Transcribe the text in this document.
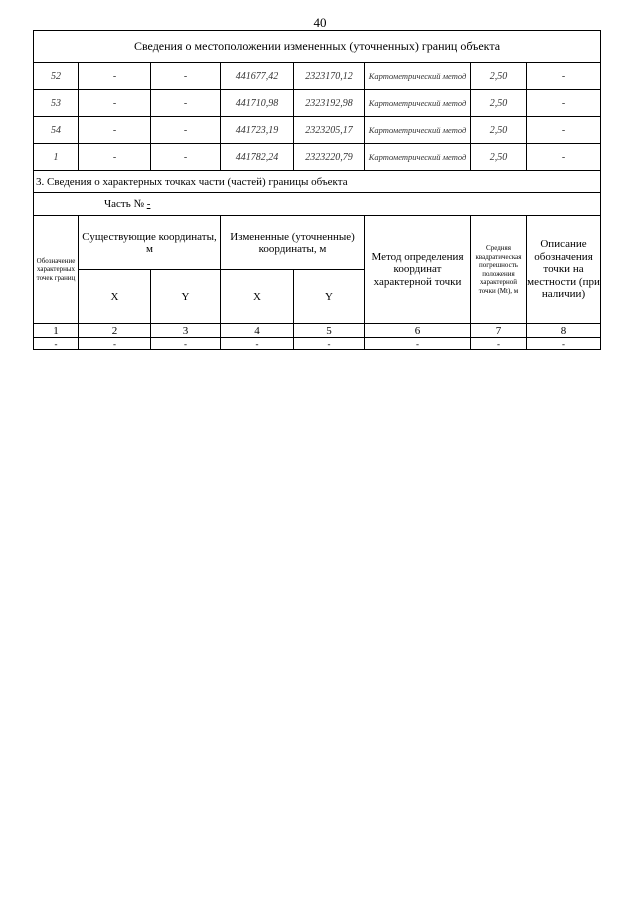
40
Сведения о местоположении измененных (уточненных) границ объекта							
52	-	-	441677,42	2323170,12	Картометрический метод	2,50	-
53	-	-	441710,98	2323192,98	Картометрический метод	2,50	-
54	-	-	441723,19	2323205,17	Картометрический метод	2,50	-
1	-	-	441782,24	2323220,79	Картометрический метод	2,50	-
3. Сведения о характерных точках части (частей) границы объекта							
Часть № -							
Обозначение характерных точек границ	Существующие координаты, м		Измененные (уточненные) координаты, м		Метод определения координат характерной точки	Средняя квадратическая погрешность положения характерной точки (Mt), м	Описание обозначения точки на местности (при наличии)
	X	Y	X	Y			
1	2	3	4	5	6	7	8
-	-	-	-	-	-	-	-
